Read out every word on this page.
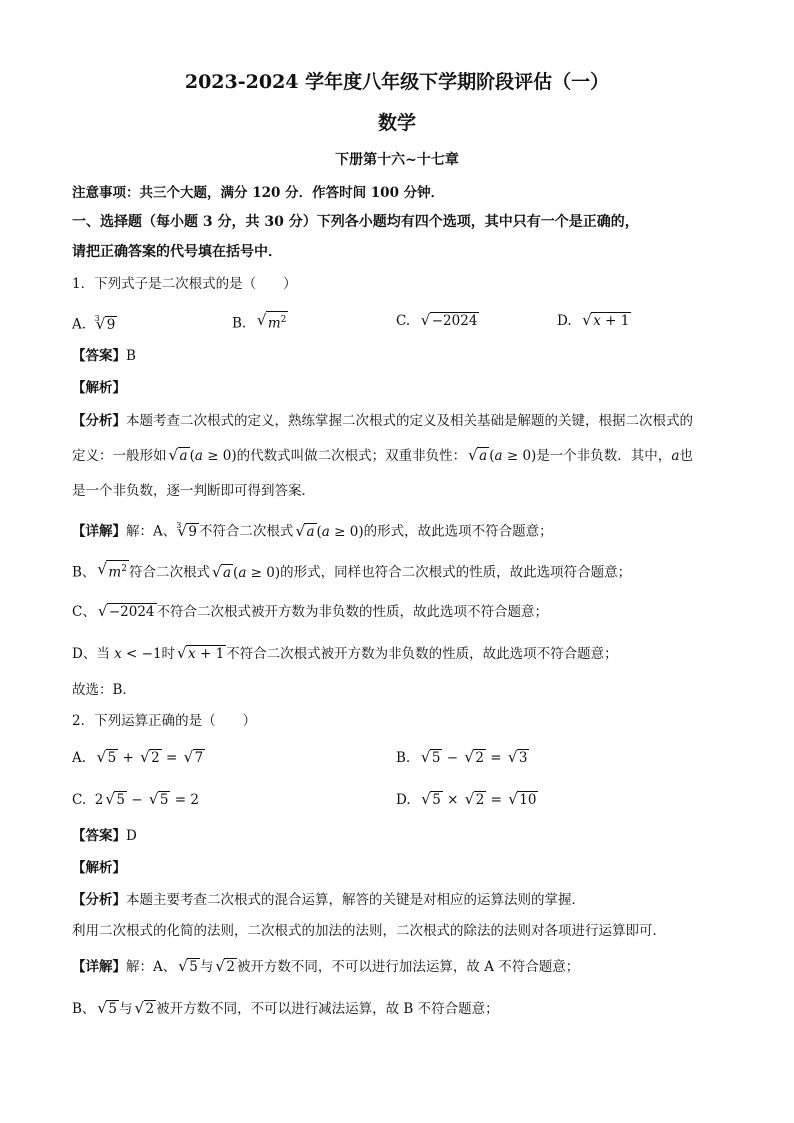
2023-2024 学年度八年级下学期阶段评估（一）
数学
下册第十六~十七章
注意事项：共三个大题，满分 120 分．作答时间 100 分钟．
一、选择题（每小题 3 分，共 30 分）下列各小题均有四个选项，其中只有一个是正确的，
请把正确答案的代号填在括号中．
1．下列式子是二次根式的是（　　）
A. $^3$ √ 9	B. √ $m^2$	C. √ −2024	D. √ x + 1
【答案】B
【解析】
【分析】本题考查二次根式的定义，熟练掌握二次根式的定义及相关基础是解题的关键，根据二次根式的
定义：一般形如 √ a (a ≥ 0)的代数式叫做二次根式；双重非负性： √ a (a ≥ 0)是一个非负数．其中，a也
是一个非负数，逐一判断即可得到答案．
【详解】解：A、$^3$ √ 9 不符合二次根式 √ a (a ≥ 0)的形式，故此选项不符合题意；
B、 √ $m^2$ 符合二次根式 √ a (a ≥ 0)的形式，同样也符合二次根式的性质，故此选项符合题意；
C、 √ −2024 不符合二次根式被开方数为非负数的性质，故此选项不符合题意；
D、当 x < −1时 √ x + 1 不符合二次根式被开方数为非负数的性质，故此选项不符合题意；
故选：B．
2．下列运算正确的是（　　）
A. √ 5 + √ 2 = √ 7	B. √ 5 − √ 2 = √ 3
C. 2 √ 5 − √ 5 = 2	D. √ 5 × √ 2 = √ 10
【答案】D
【解析】
【分析】本题主要考查二次根式的混合运算，解答的关键是对相应的运算法则的掌握．
利用二次根式的化简的法则，二次根式的加法的法则，二次根式的除法的法则对各项进行运算即可．
【详解】解：A、 √ 5 与 √ 2 被开方数不同，不可以进行加法运算，故 A 不符合题意；
B、 √ 5 与 √ 2 被开方数不同，不可以进行减法运算，故 B 不符合题意；
